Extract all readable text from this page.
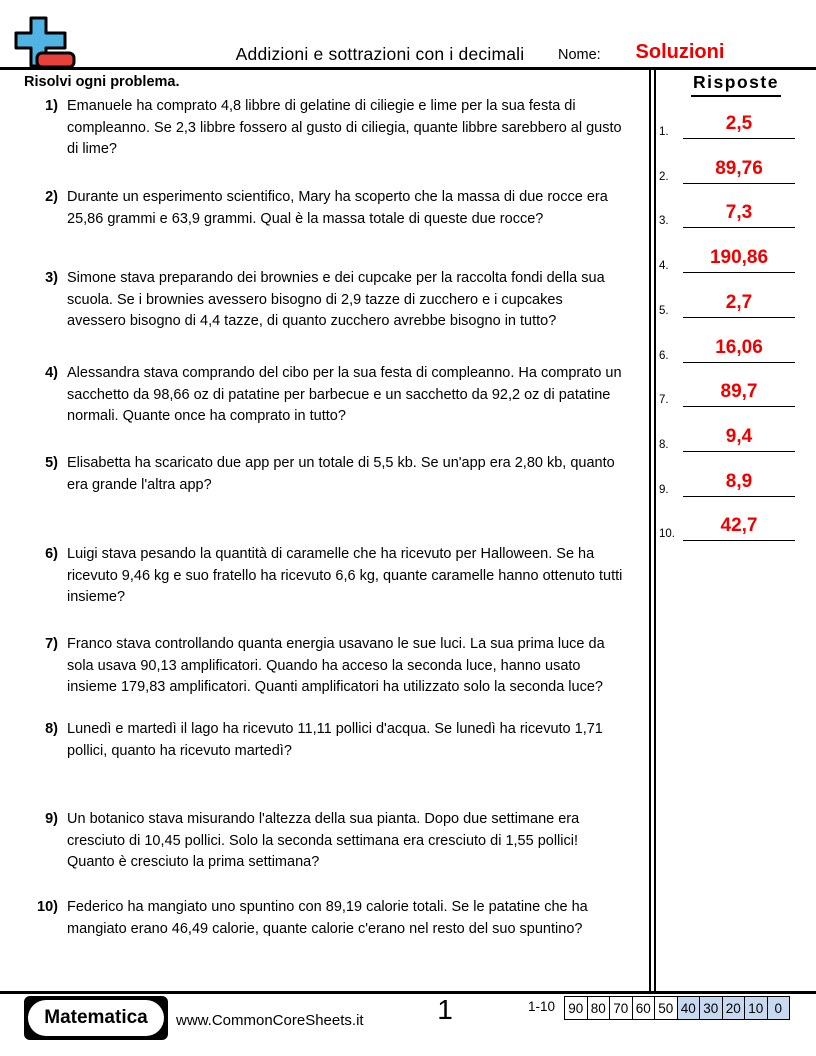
Addizioni e sottrazioni con i decimali	Nome:	Soluzioni
Risolvi ogni problema.
1) Emanuele ha comprato 4,8 libbre di gelatine di ciliegie e lime per la sua festa di compleanno. Se 2,3 libbre fossero al gusto di ciliegia, quante libbre sarebbero al gusto di lime?
2) Durante un esperimento scientifico, Mary ha scoperto che la massa di due rocce era 25,86 grammi e 63,9 grammi. Qual è la massa totale di queste due rocce?
3) Simone stava preparando dei brownies e dei cupcake per la raccolta fondi della sua scuola. Se i brownies avessero bisogno di 2,9 tazze di zucchero e i cupcakes avessero bisogno di 4,4 tazze, di quanto zucchero avrebbe bisogno in tutto?
4) Alessandra stava comprando del cibo per la sua festa di compleanno. Ha comprato un sacchetto da 98,66 oz di patatine per barbecue e un sacchetto da 92,2 oz di patatine normali. Quante once ha comprato in tutto?
5) Elisabetta ha scaricato due app per un totale di 5,5 kb. Se un'app era 2,80 kb, quanto era grande l'altra app?
6) Luigi stava pesando la quantità di caramelle che ha ricevuto per Halloween. Se ha ricevuto 9,46 kg e suo fratello ha ricevuto 6,6 kg, quante caramelle hanno ottenuto tutti insieme?
7) Franco stava controllando quanta energia usavano le sue luci. La sua prima luce da sola usava 90,13 amplificatori. Quando ha acceso la seconda luce, hanno usato insieme 179,83 amplificatori. Quanti amplificatori ha utilizzato solo la seconda luce?
8) Lunedì e martedì il lago ha ricevuto 11,11 pollici d'acqua. Se lunedì ha ricevuto 1,71 pollici, quanto ha ricevuto martedì?
9) Un botanico stava misurando l'altezza della sua pianta. Dopo due settimane era cresciuto di 10,45 pollici. Solo la seconda settimana era cresciuto di 1,55 pollici! Quanto è cresciuto la prima settimana?
10) Federico ha mangiato uno spuntino con 89,19 calorie totali. Se le patatine che ha mangiato erano 46,49 calorie, quante calorie c'erano nel resto del suo spuntino?
Risposte
1.	2,5
2. 89,76
3.	7,3
4. 190,86
5.	2,7
6. 16,06
7.	89,7
8.	9,4
9.	8,9
10. 42,7
Matematica	www.CommonCoreSheets.it	1	1-10 90	80	70	60	50	40	30	20	10	0
